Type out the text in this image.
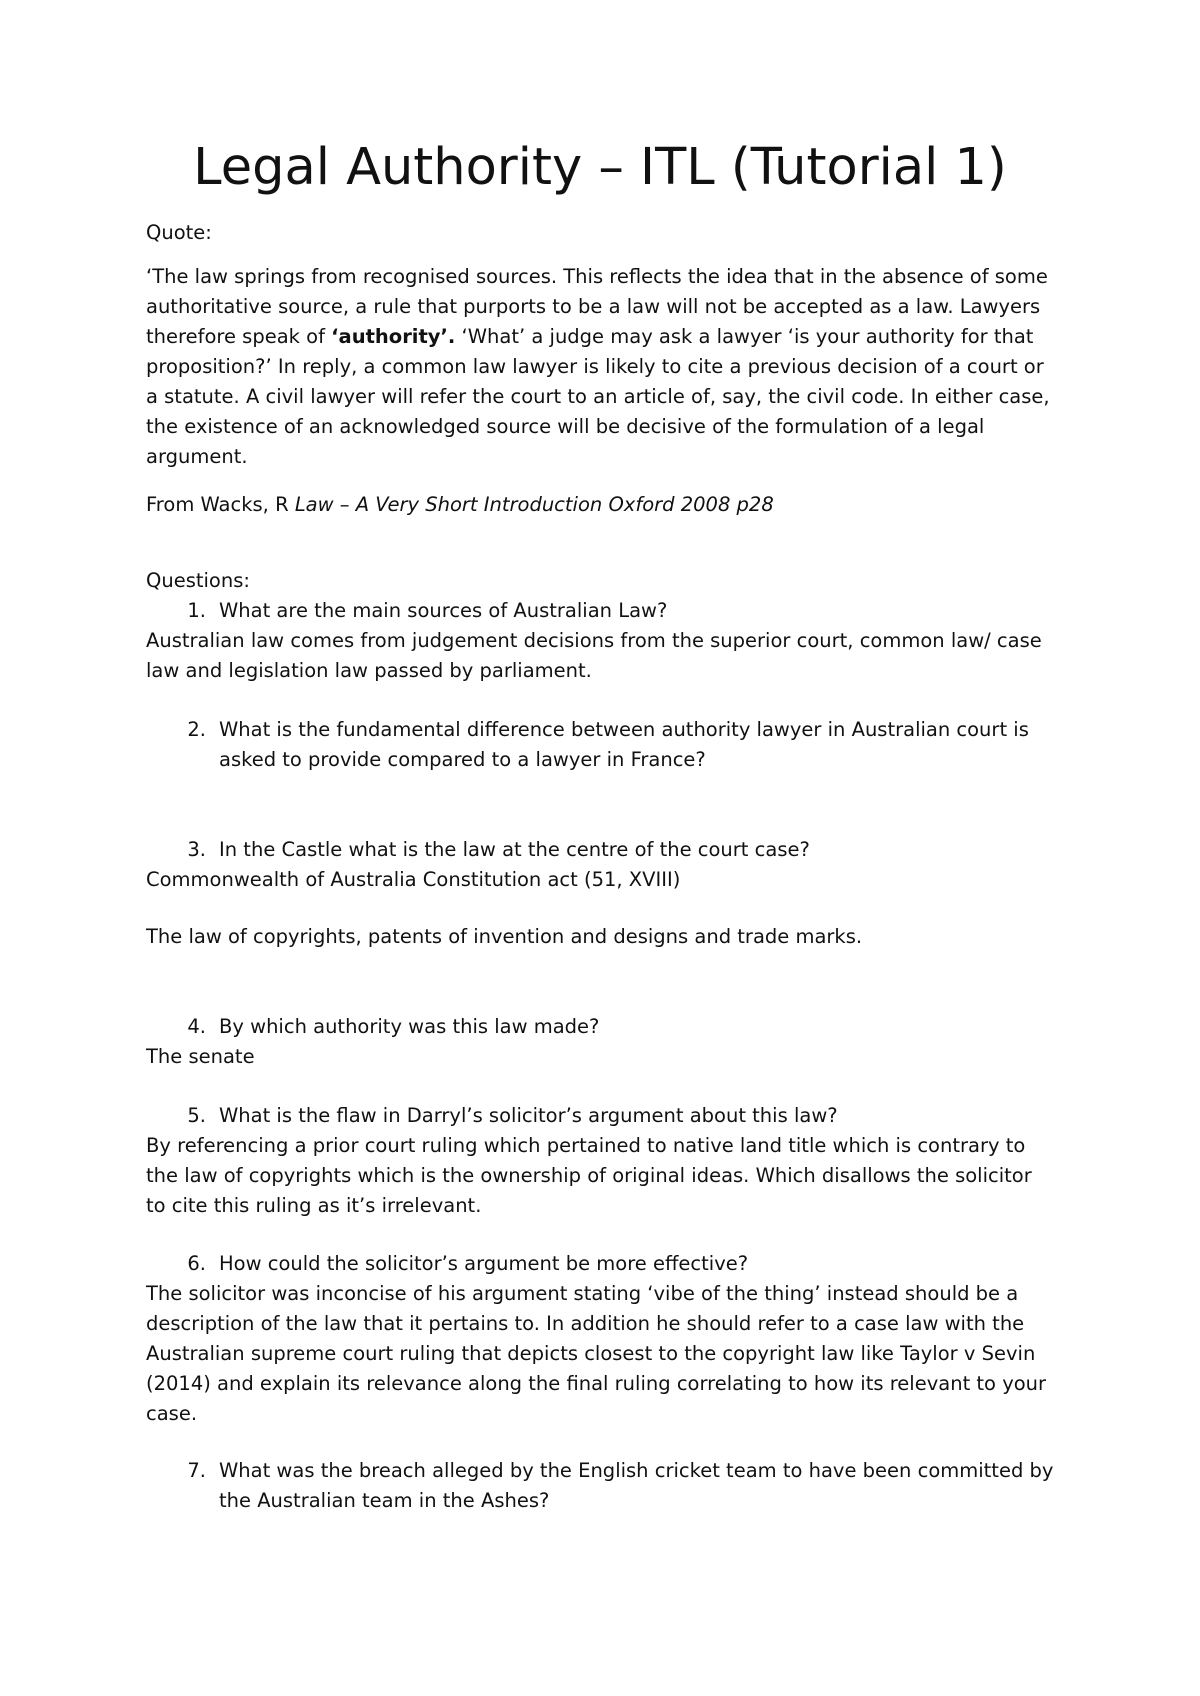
Legal Authority – ITL (Tutorial 1)
Quote:
‘The law springs from recognised sources. This reflects the idea that in the absence of some
authoritative source, a rule that purports to be a law will not be accepted as a law. Lawyers
therefore speak of ‘authority’. ‘What’ a judge may ask a lawyer ‘is your authority for that
proposition?’ In reply, a common law lawyer is likely to cite a previous decision of a court or
a statute. A civil lawyer will refer the court to an article of, say, the civil code. In either case,
the existence of an acknowledged source will be decisive of the formulation of a legal
argument.
From Wacks, R Law – A Very Short Introduction Oxford 2008 p28
Questions:
1. What are the main sources of Australian Law?
Australian law comes from judgement decisions from the superior court, common law/ case
law and legislation law passed by parliament.
2. What is the fundamental difference between authority lawyer in Australian court is
asked to provide compared to a lawyer in France?
3. In the Castle what is the law at the centre of the court case?
Commonwealth of Australia Constitution act (51, XVIII)
The law of copyrights, patents of invention and designs and trade marks.
4. By which authority was this law made?
The senate
5. What is the flaw in Darryl’s solicitor’s argument about this law?
By referencing a prior court ruling which pertained to native land title which is contrary to
the law of copyrights which is the ownership of original ideas. Which disallows the solicitor
to cite this ruling as it’s irrelevant.
6. How could the solicitor’s argument be more effective?
The solicitor was inconcise of his argument stating ‘vibe of the thing’ instead should be a
description of the law that it pertains to. In addition he should refer to a case law with the
Australian supreme court ruling that depicts closest to the copyright law like Taylor v Sevin
(2014) and explain its relevance along the final ruling correlating to how its relevant to your
case.
7. What was the breach alleged by the English cricket team to have been committed by
the Australian team in the Ashes?
